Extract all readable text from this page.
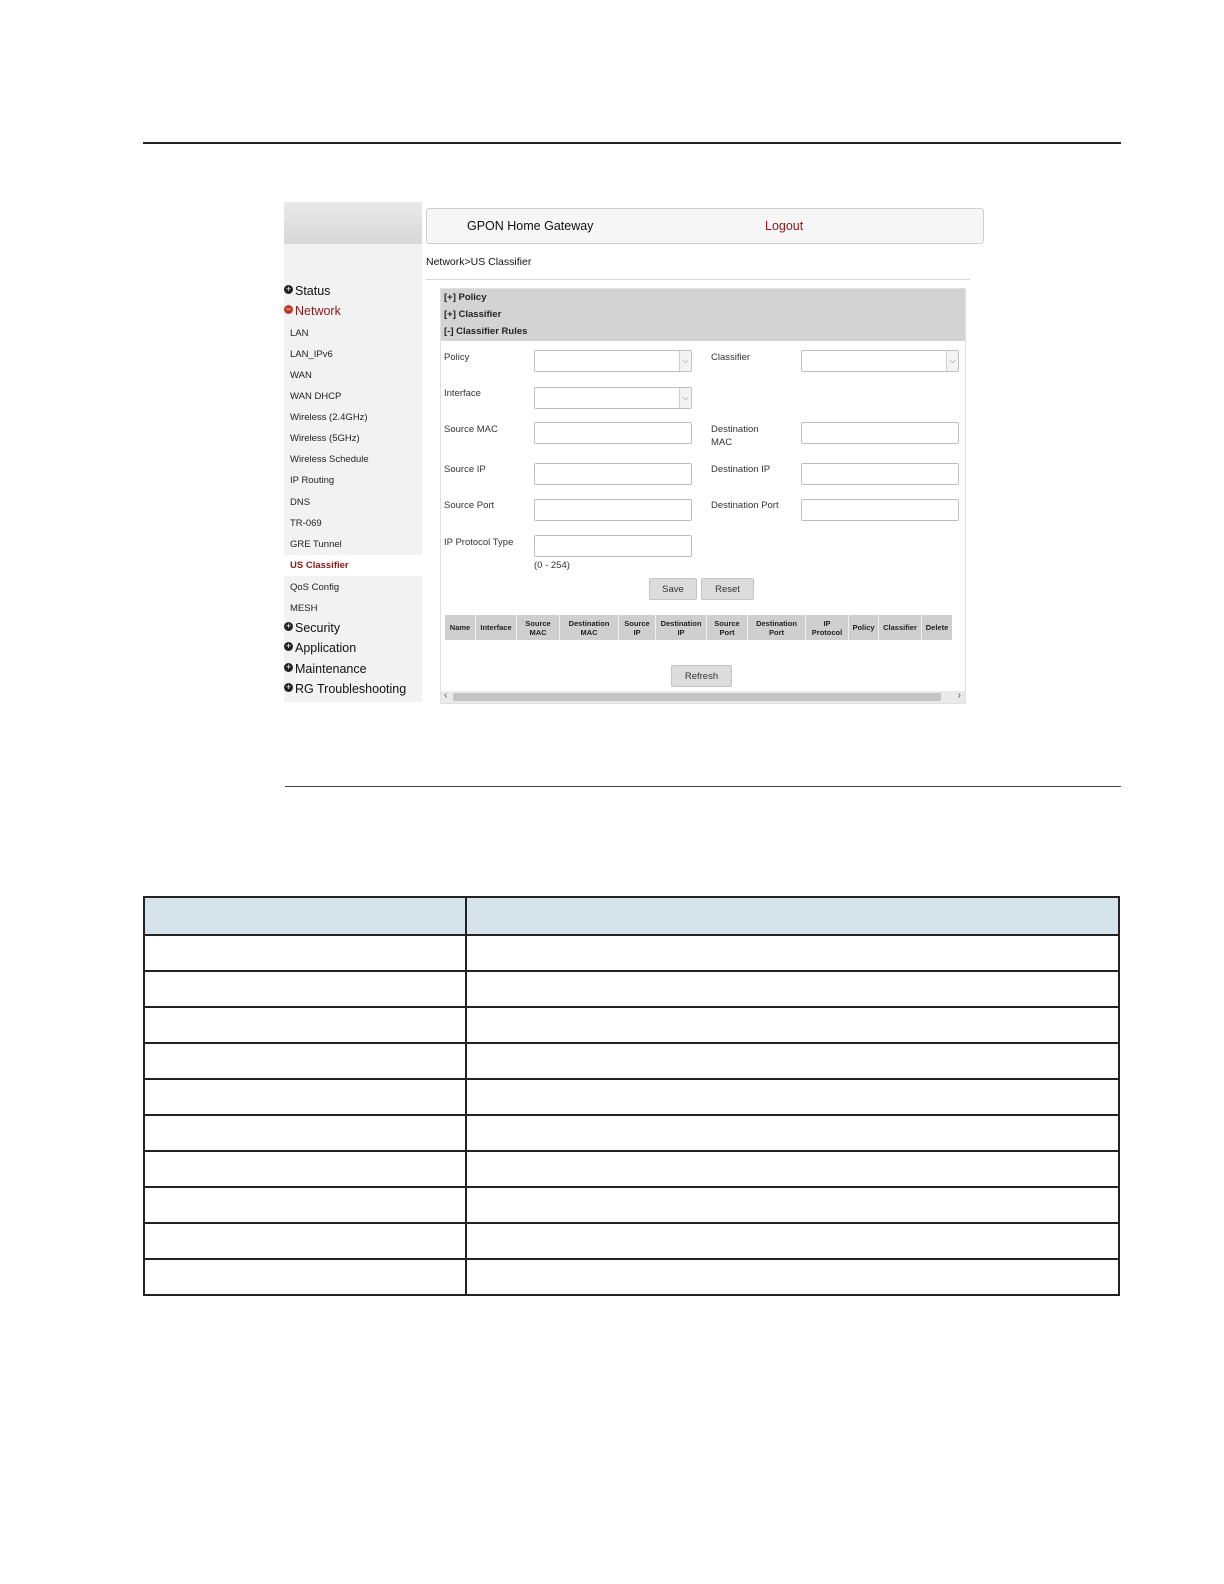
+ Status
− Network
LAN
LAN_IPv6
WAN
WAN DHCP
Wireless (2.4GHz)
Wireless (5GHz)
Wireless Schedule
IP Routing
DNS
TR-069
GRE Tunnel
US Classifier
QoS Config
MESH
+ Security
+ Application
+ Maintenance
+ RG Troubleshooting
GPON Home Gateway	Logout
Network>US Classifier
[+] Policy
[+] Classifier
[-] Classifier Rules
Policy	⌵ Classifier	⌵
Interface	⌵
Source MAC	Destination MAC
Source IP	Destination IP
Source Port	Destination Port
IP Protocol Type
(0 - 254)
Save	Reset
Name	Interface	Source MAC	Destination MAC	Source IP	Destination IP	Source Port	Destination Port	IP Protocol	Policy	Classifier	Delete
Refresh
‹	›
